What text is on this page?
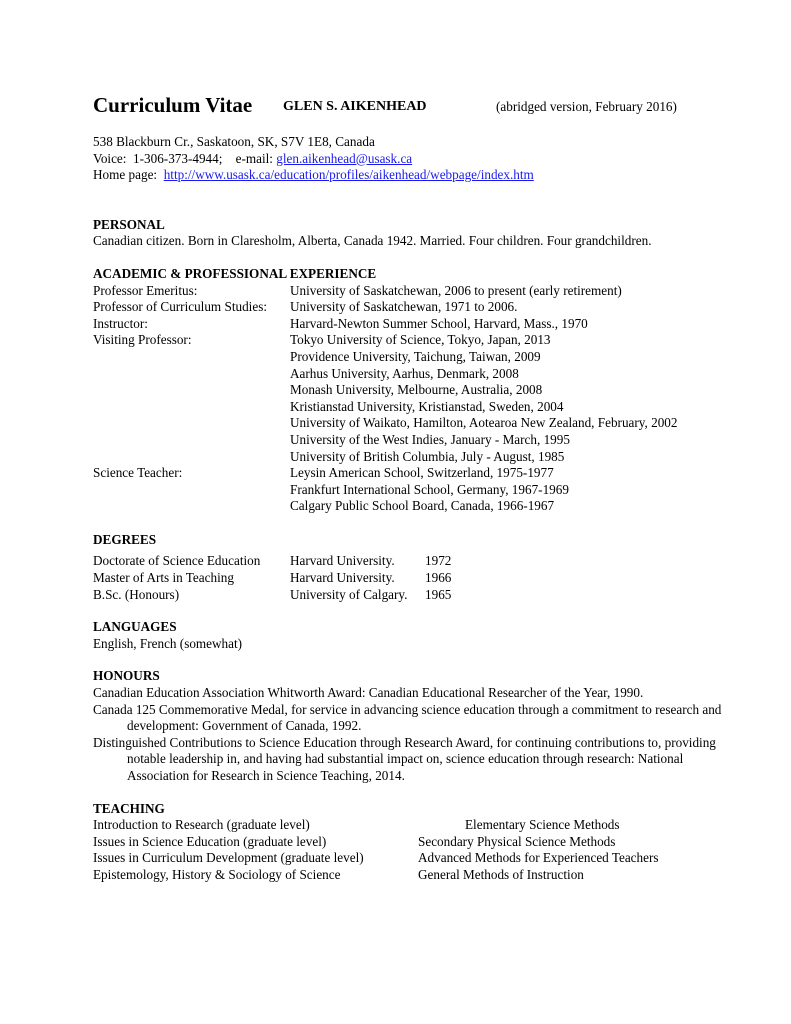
Curriculum Vitae GLEN S. AIKENHEAD	(abridged version, February 2016)
538 Blackburn Cr., Saskatoon, SK, S7V 1E8, Canada
Voice:  1-306-373-4944;    e-mail: glen.aikenhead@usask.ca
Home page:  http://www.usask.ca/education/profiles/aikenhead/webpage/index.htm
PERSONAL
Canadian citizen. Born in Claresholm, Alberta, Canada 1942. Married. Four children. Four grandchildren.
ACADEMIC & PROFESSIONAL EXPERIENCE
Professor Emeritus:	University of Saskatchewan, 2006 to present (early retirement)
Professor of Curriculum Studies:	University of Saskatchewan, 1971 to 2006.
Instructor:	Harvard-Newton Summer School, Harvard, Mass., 1970
Visiting Professor:	Tokyo University of Science, Tokyo, Japan, 2013
Providence University, Taichung, Taiwan, 2009
Aarhus University, Aarhus, Denmark, 2008
Monash University, Melbourne, Australia, 2008
Kristianstad University, Kristianstad, Sweden, 2004
University of Waikato, Hamilton, Aotearoa New Zealand, February, 2002
University of the West Indies, January - March, 1995
University of British Columbia, July - August, 1985
Science Teacher:	Leysin American School, Switzerland, 1975-1977
Frankfurt International School, Germany, 1967-1969
Calgary Public School Board, Canada, 1966-1967
DEGREES
Doctorate of Science Education	Harvard University.	1972
Master of Arts in Teaching	Harvard University.	1966
B.Sc. (Honours)	University of Calgary.	1965
LANGUAGES
English, French (somewhat)
HONOURS
Canadian Education Association Whitworth Award: Canadian Educational Researcher of the Year, 1990.
Canada 125 Commemorative Medal, for service in advancing science education through a commitment to research and development: Government of Canada, 1992.
Distinguished Contributions to Science Education through Research Award, for continuing contributions to, providing notable leadership in, and having had substantial impact on, science education through research: National Association for Research in Science Teaching, 2014.
TEACHING
Introduction to Research (graduate level)	Elementary Science Methods
Issues in Science Education (graduate level)	Secondary Physical Science Methods
Issues in Curriculum Development (graduate level)	Advanced Methods for Experienced Teachers
Epistemology, History & Sociology of Science	General Methods of Instruction
